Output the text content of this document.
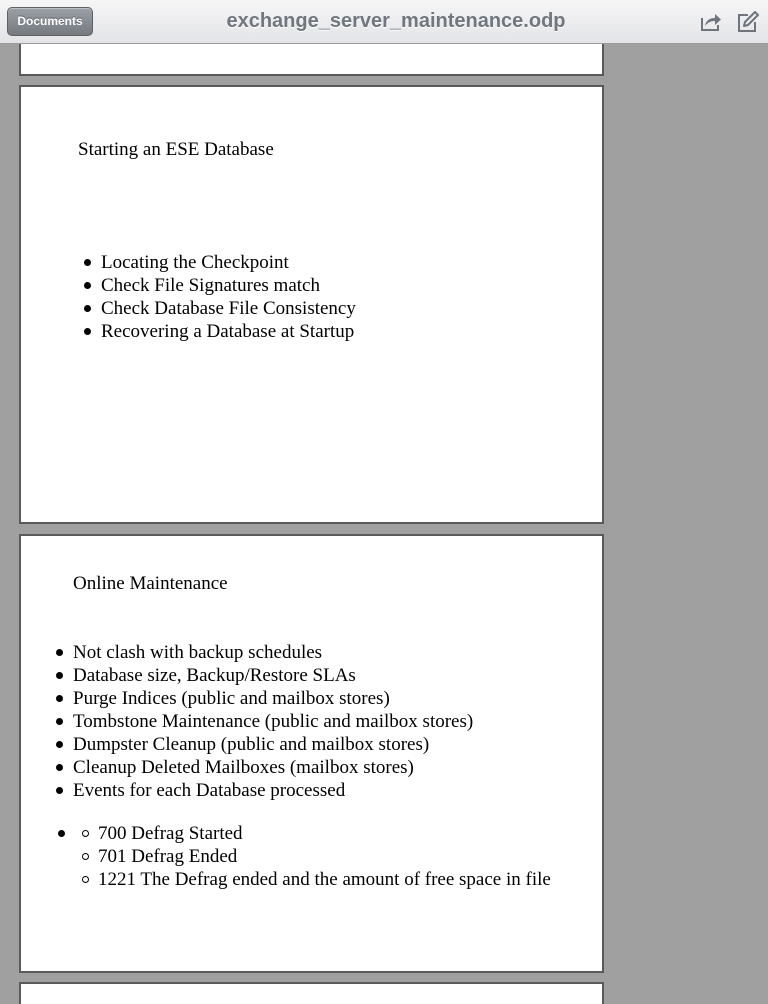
Documents	exchange_server_maintenance.odp
Starting an ESE Database
Locating the Checkpoint
Check File Signatures match
Check Database File Consistency
Recovering a Database at Startup
Online Maintenance
Not clash with backup schedules
Database size, Backup/Restore SLAs
Purge Indices (public and mailbox stores)
Tombstone Maintenance (public and mailbox stores)
Dumpster Cleanup (public and mailbox stores)
Cleanup Deleted Mailboxes (mailbox stores)
Events for each Database processed
700 Defrag Started
701 Defrag Ended
1221 The Defrag ended and the amount of free space in file
